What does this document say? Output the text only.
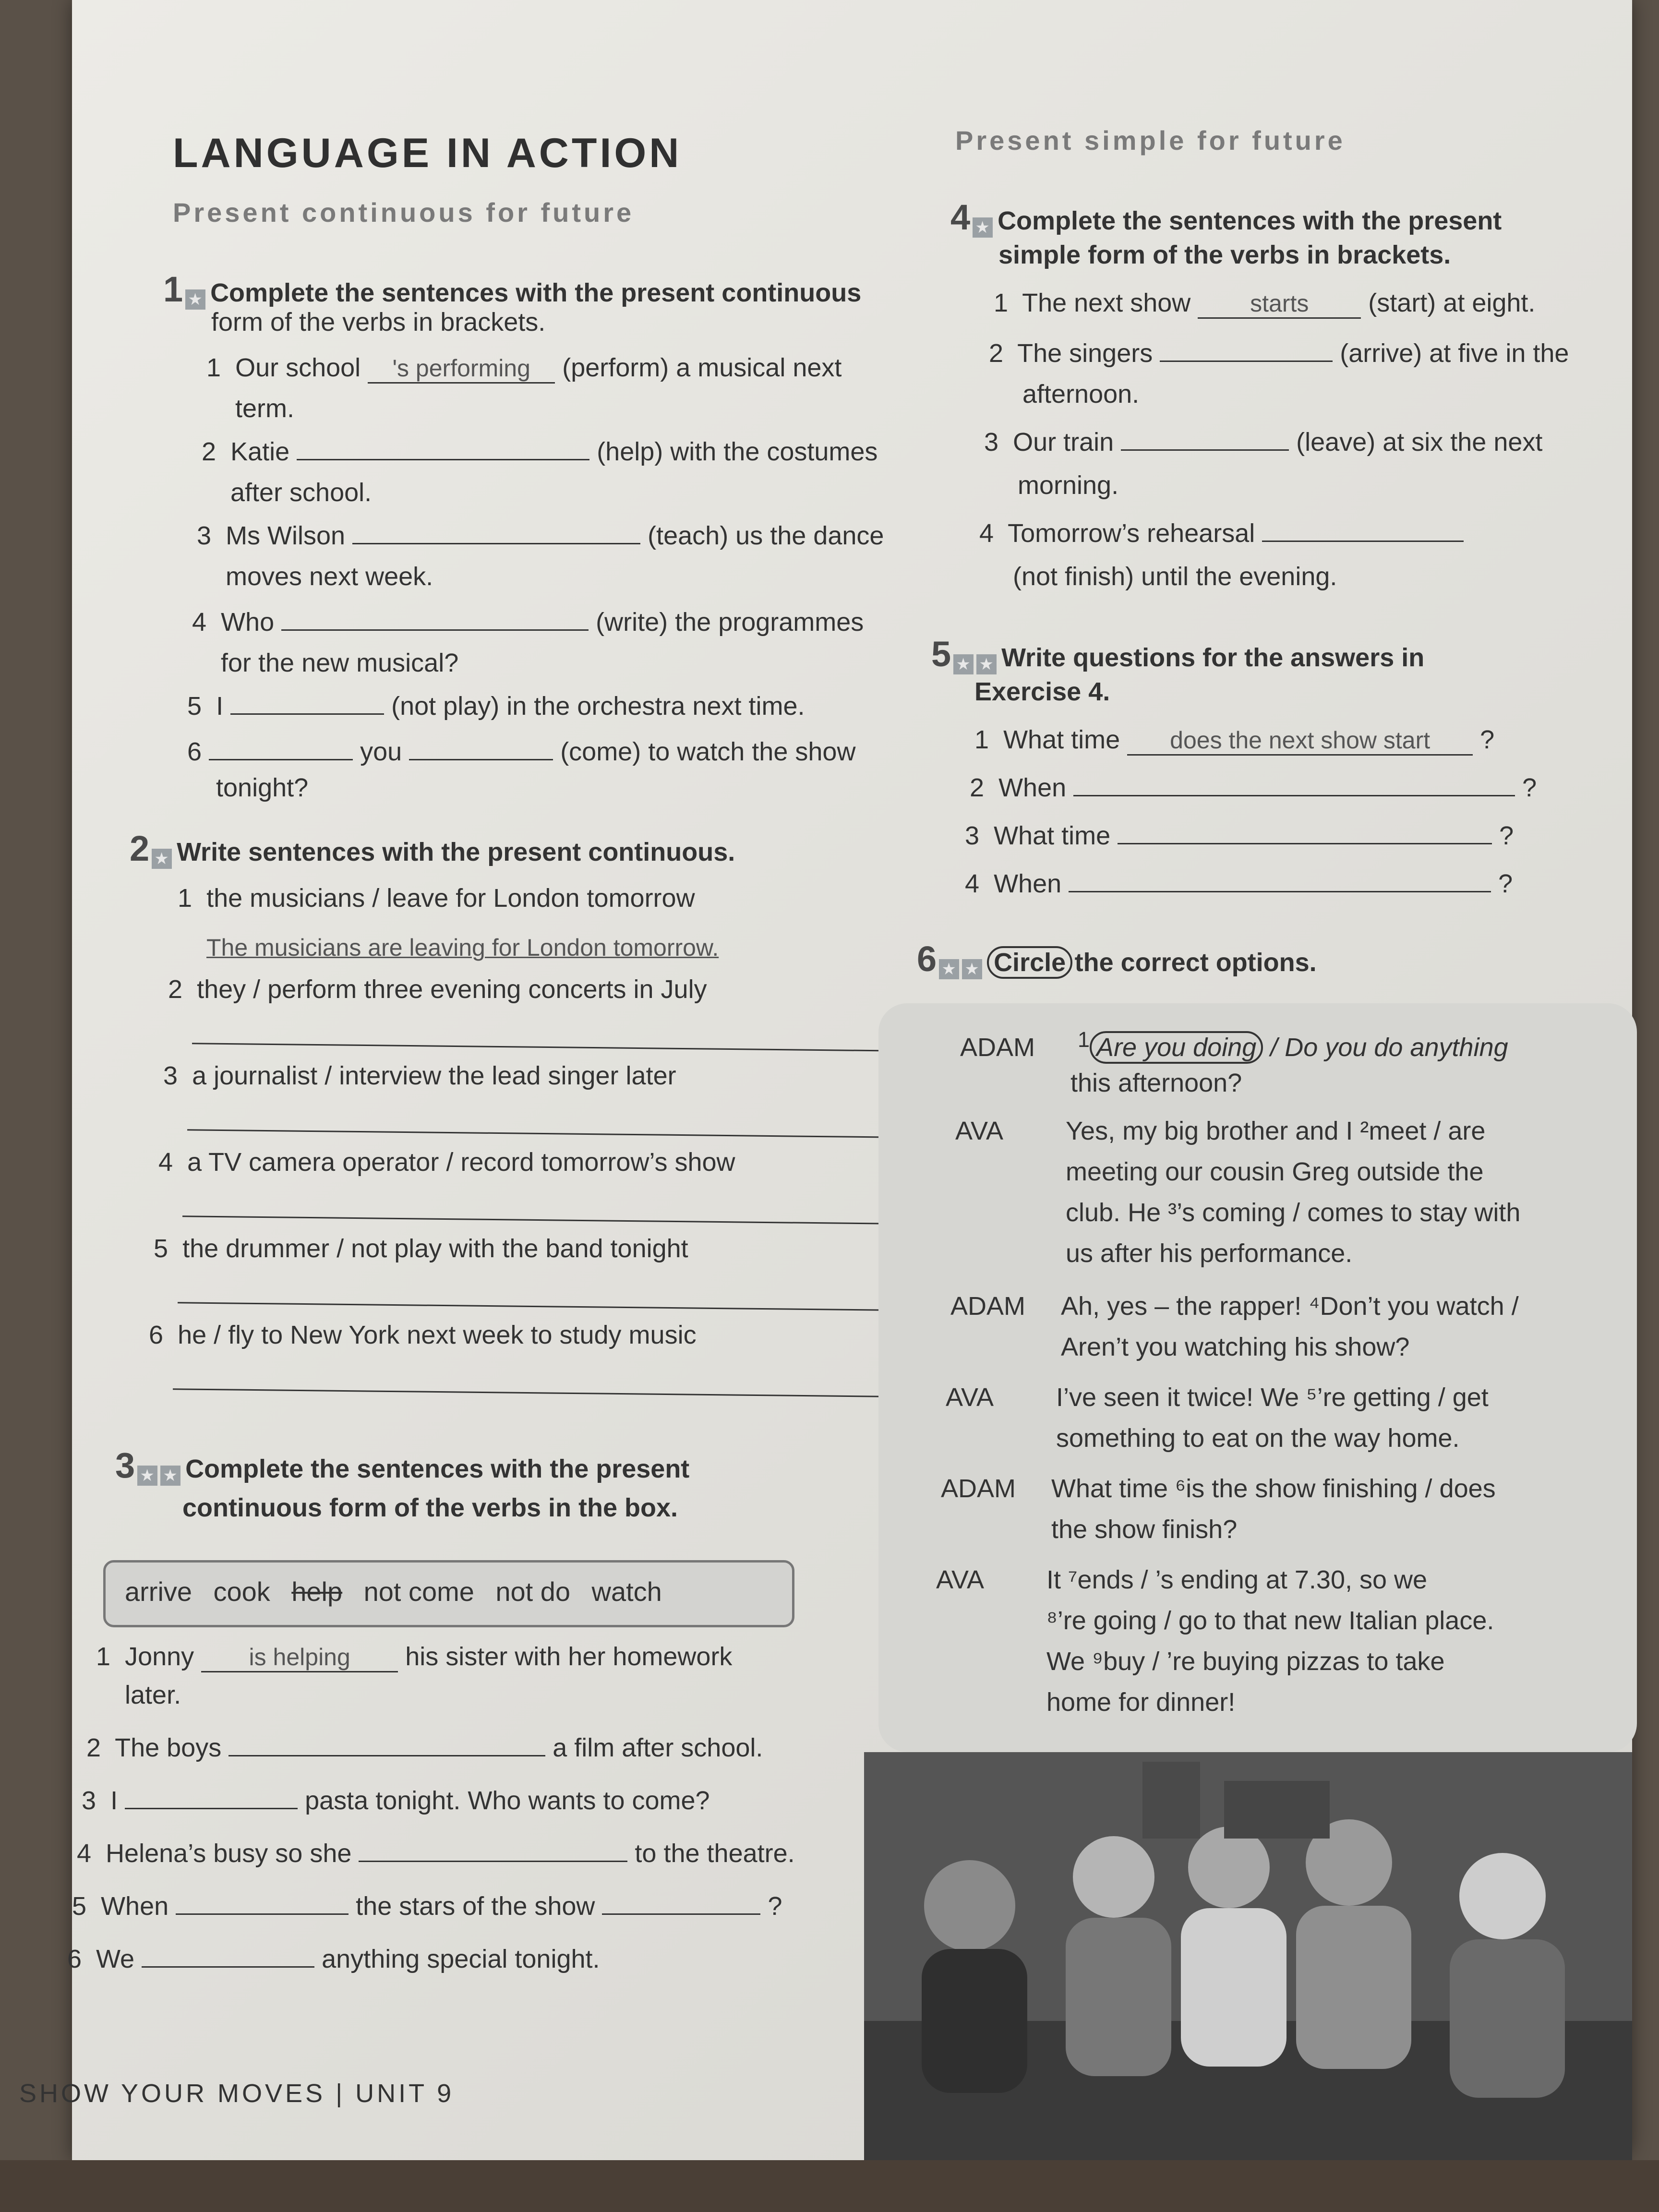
LANGUAGE IN ACTION
Present continuous for future
Present simple for future
1 ★ Complete the sentences with the present continuous
form of the verbs in brackets.
1 Our school 's performing (perform) a musical next
term.
2 Katie	(help) with the costumes
after school.
3 Ms Wilson	(teach) us the dance
moves next week.
4 Who	(write) the programmes
for the new musical?
5 I	(not play) in the orchestra next time.
6	you	(come) to watch the show
tonight?
2 ★ Write sentences with the present continuous.
1 the musicians / leave for London tomorrow
The musicians are leaving for London tomorrow.
2 they / perform three evening concerts in July
3 a journalist / interview the lead singer later
4 a TV camera operator / record tomorrow’s show
5 the drummer / not play with the band tonight
6 he / fly to New York next week to study music
3 ★ ★ Complete the sentences with the present
continuous form of the verbs in the box.
arrive cook help not come not do watch
1 Jonny is helping his sister with her homework
later.
2 The boys	a film after school.
3 I	pasta tonight. Who wants to come?
4 Helena’s busy so she	to the theatre.
5 When	the stars of the show	?
6 We	anything special tonight.
4 ★ Complete the sentences with the present
simple form of the verbs in brackets.
1 The next show starts (start) at eight.
2 The singers	(arrive) at five in the
afternoon.
3 Our train	(leave) at six the next
morning.
4 Tomorrow’s rehearsal
(not finish) until the evening.
5 ★ ★ Write questions for the answers in
Exercise 4.
1 What time does the next show start ?
2 When	?
3 What time	?
4 When	?
6 ★ ★ Circle the correct options.
ADAM $^1$ Are you doing / Do you do anything
this afternoon?
AVA Yes, my big brother and I ²meet / are
meeting our cousin Greg outside the
club. He ³’s coming / comes to stay with
us after his performance.
ADAM Ah, yes – the rapper! ⁴Don’t you watch /
Aren’t you watching his show?
AVA I’ve seen it twice! We ⁵’re getting / get
something to eat on the way home.
ADAM What time ⁶is the show finishing / does
the show finish?
AVA It ⁷ends / ’s ending at 7.30, so we
⁸’re going / go to that new Italian place.
We ⁹buy / ’re buying pizzas to take
home for dinner!
SHOW YOUR MOVES | UNIT 9
